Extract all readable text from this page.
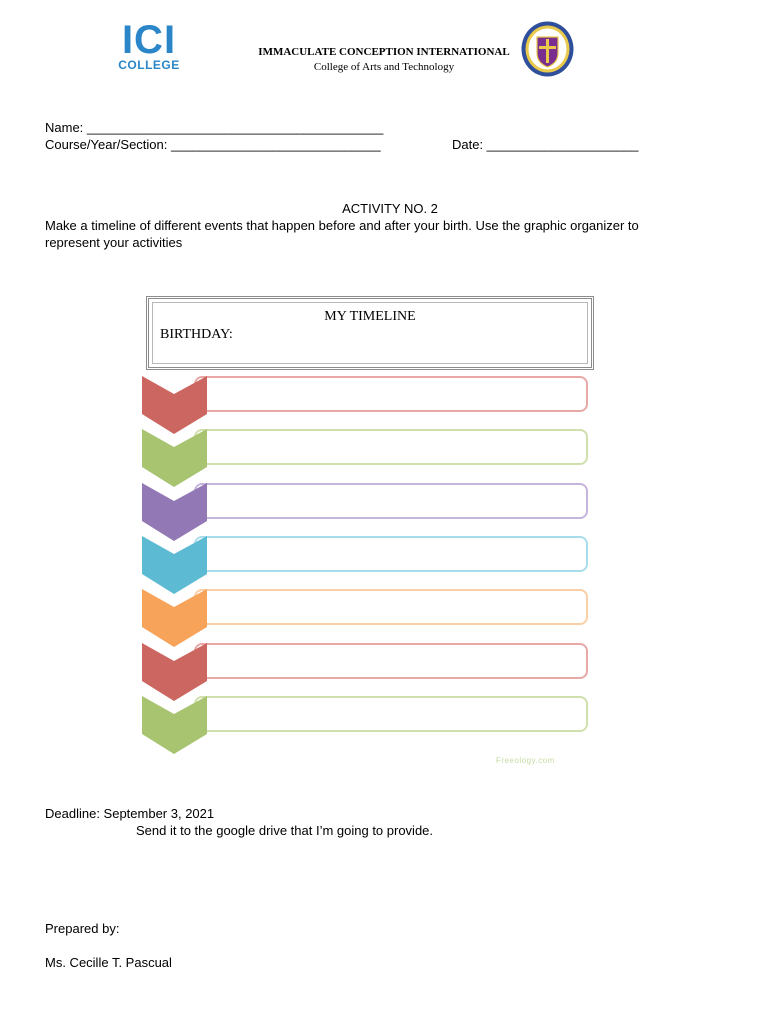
ICI
COLLEGE
IMMACULATE CONCEPTION INTERNATIONAL
College of Arts and Technology
Name: _________________________________________
Course/Year/Section: _____________________________	Date: _____________________
ACTIVITY NO. 2
Make a timeline of different events that happen before and after your birth. Use the graphic organizer to
represent your activities
MY TIMELINE
BIRTHDAY:
Freeology.com
Deadline: September 3, 2021
Send it to the google drive that I’m going to provide.
Prepared by:
Ms. Cecille T. Pascual
